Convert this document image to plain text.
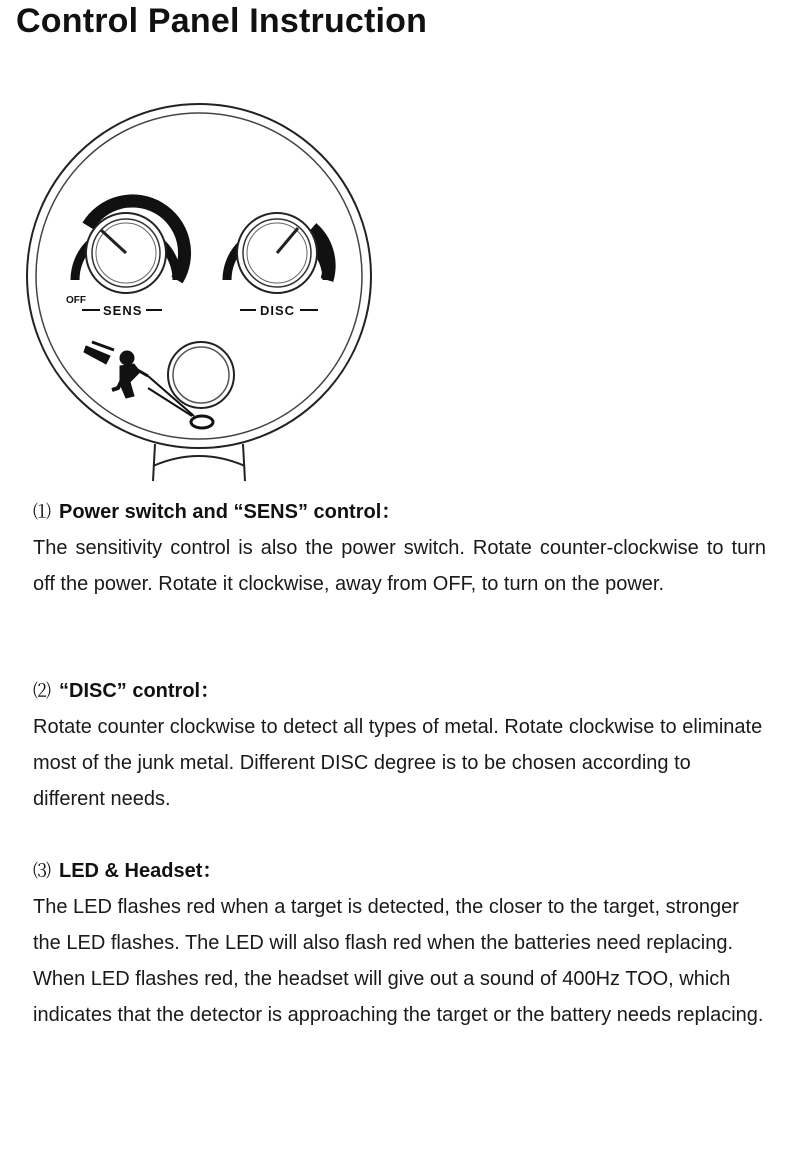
Control Panel Instruction
OFF
SENS	DISC
⑴ Power switch and “SENS” control：
The sensitivity control is also the power switch. Rotate counter-clockwise to turn off the power. Rotate it clockwise, away from OFF, to turn on the power.
⑵ “DISC” control：
Rotate counter clockwise to detect all types of metal. Rotate clockwise to eliminate most of the junk metal. Different DISC degree is to be chosen according to different needs.
⑶ LED & Headset：
The LED flashes red when a target is detected, the closer to the target, stronger the LED flashes. The LED will also flash red when the batteries need replacing.
When LED flashes red, the headset will give out a sound of 400Hz TOO, which indicates that the detector is approaching the target or the battery needs replacing.
